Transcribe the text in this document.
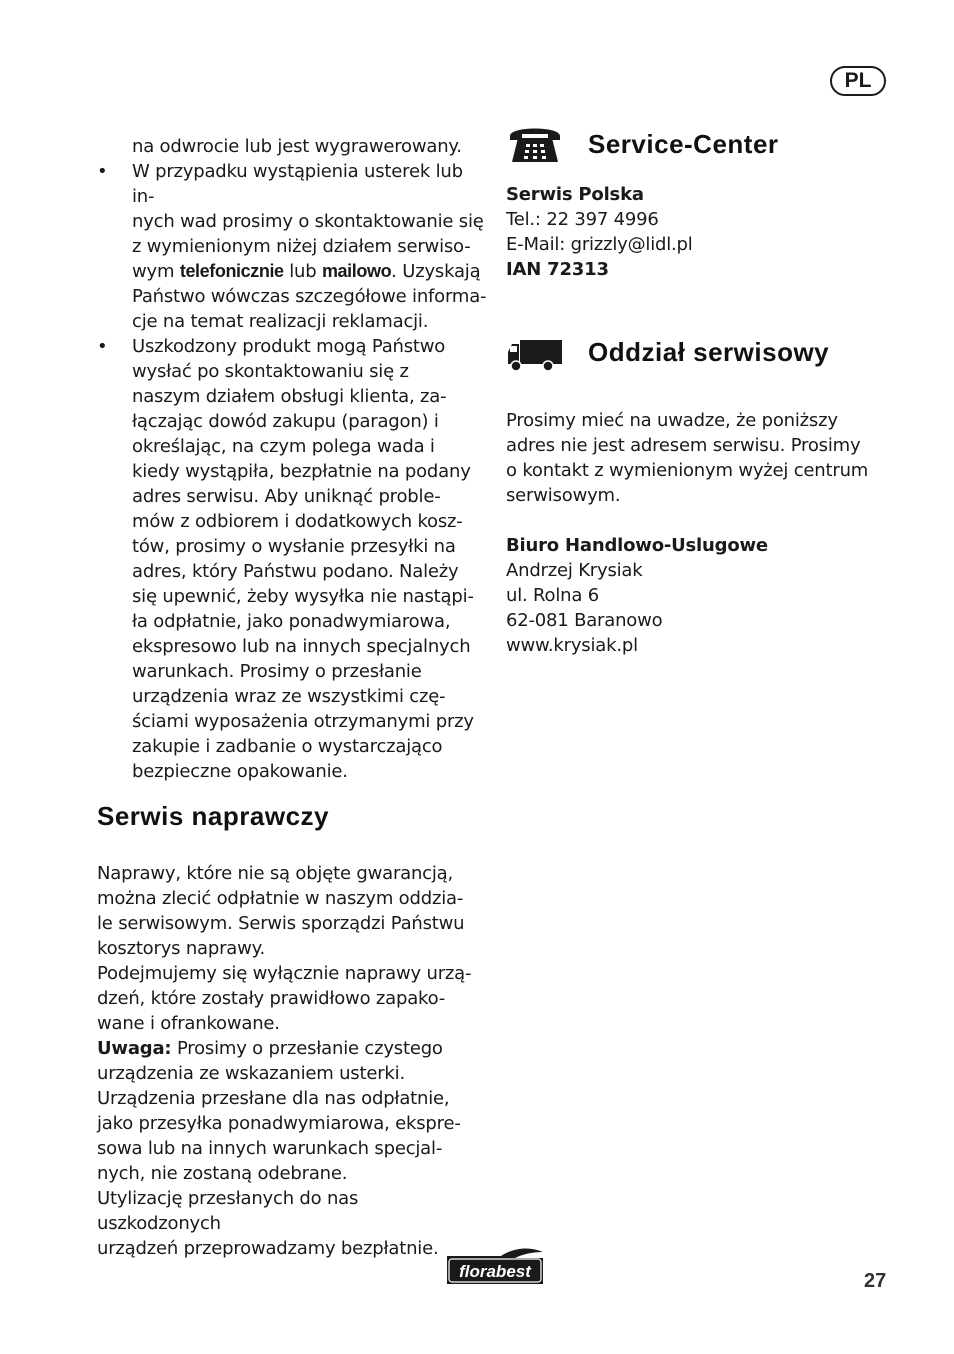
PL
na odwrocie lub jest wygrawerowany.
• W przypadku wystąpienia usterek lub in-
nych wad prosimy o skontaktowanie się
z wymienionym niżej działem serwiso-
wym telefonicznie lub mailowo. Uzyskają
Państwo wówczas szczegółowe informa-
cje na temat realizacji reklamacji.
• Uszkodzony produkt mogą Państwo
wysłać po skontaktowaniu się z
naszym działem obsługi klienta, za-
łączając dowód zakupu (paragon) i
określając, na czym polega wada i
kiedy wystąpiła, bezpłatnie na podany
adres serwisu. Aby uniknąć proble-
mów z odbiorem i dodatkowych kosz-
tów, prosimy o wysłanie przesyłki na
adres, który Państwu podano. Należy
się upewnić, żeby wysyłka nie nastąpi-
ła odpłatnie, jako ponadwymiarowa,
ekspresowo lub na innych specjalnych
warunkach. Prosimy o przesłanie
urządzenia wraz ze wszystkimi czę-
ściami wyposażenia otrzymanymi przy
zakupie i zadbanie o wystarczająco
bezpieczne opakowanie.
Serwis naprawczy
Naprawy, które nie są objęte gwarancją,
można zlecić odpłatnie w naszym oddzia-
le serwisowym. Serwis sporządzi Państwu
kosztorys naprawy.
Podejmujemy się wyłącznie naprawy urzą-
dzeń, które zostały prawidłowo zapako-
wane i ofrankowane.
Uwaga: Prosimy o przesłanie czystego
urządzenia ze wskazaniem usterki.
Urządzenia przesłane dla nas odpłatnie,
jako przesyłka ponadwymiarowa, ekspre-
sowa lub na innych warunkach specjal-
nych, nie zostaną odebrane.
Utylizację przesłanych do nas uszkodzonych
urządzeń przeprowadzamy bezpłatnie.
Service-Center
Serwis Polska
Tel.: 22 397 4996
E-Mail: grizzly@lidl.pl
IAN 72313
Oddział serwisowy
Prosimy mieć na uwadze, że poniższy
adres nie jest adresem serwisu. Prosimy
o kontakt z wymienionym wyżej centrum
serwisowym.
Biuro Handlowo-Uslugowe
Andrzej Krysiak
ul. Rolna 6
62-081 Baranowo
www.krysiak.pl
florabest	27
